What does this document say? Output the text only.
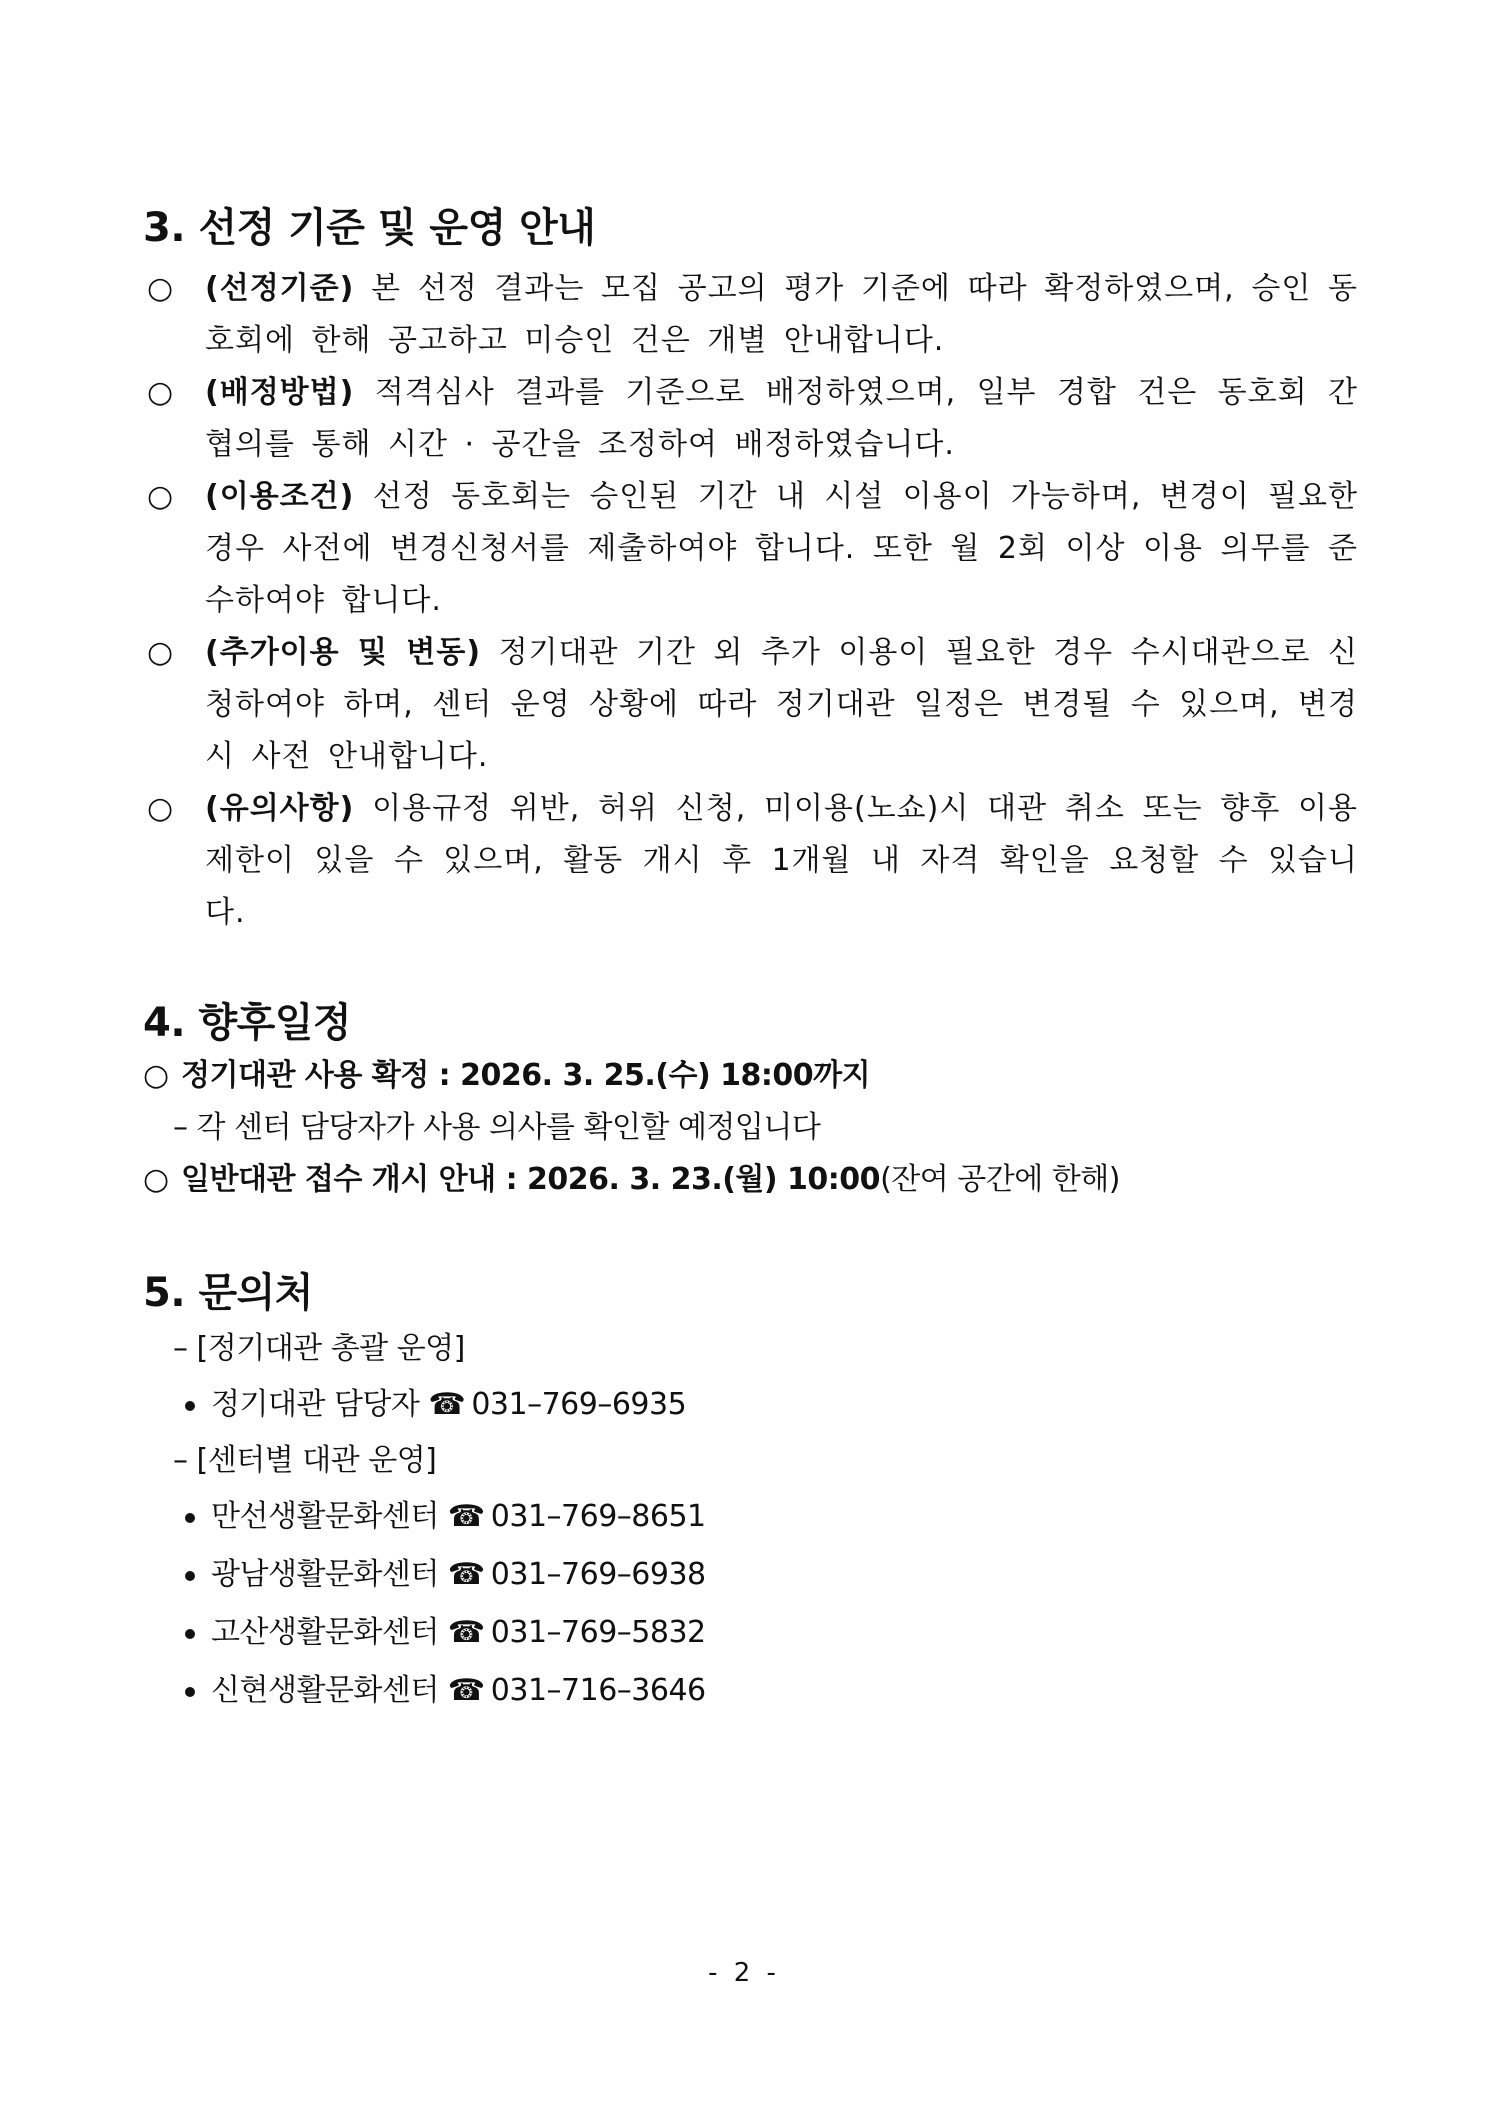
3. 선정 기준 및 운영 안내
○ (선정기준) 본 선정 결과는 모집 공고의 평가 기준에 따라 확정하였으며, 승인 동호회에 한해 공고하고 미승인 건은 개별 안내합니다.
○ (배정방법) 적격심사 결과를 기준으로 배정하였으며, 일부 경합 건은 동호회 간 협의를 통해 시간 · 공간을 조정하여 배정하였습니다.
○ (이용조건) 선정 동호회는 승인된 기간 내 시설 이용이 가능하며, 변경이 필요한 경우 사전에 변경신청서를 제출하여야 합니다. 또한 월 2회 이상 이용 의무를 준수하여야 합니다.
○ (추가이용 및 변동) 정기대관 기간 외 추가 이용이 필요한 경우 수시대관으로 신청하여야 하며, 센터 운영 상황에 따라 정기대관 일정은 변경될 수 있으며, 변경 시 사전 안내합니다.
○ (유의사항) 이용규정 위반, 허위 신청, 미이용(노쇼)시 대관 취소 또는 향후 이용 제한이 있을 수 있으며, 활동 개시 후 1개월 내 자격 확인을 요청할 수 있습니다.
4. 향후일정
○ 정기대관 사용 확정 : 2026. 3. 25.(수) 18:00까지
– 각 센터 담당자가 사용 의사를 확인할 예정입니다
○ 일반대관 접수 개시 안내 : 2026. 3. 23.(월) 10:00(잔여 공간에 한해)
5. 문의처
– [정기대관 총괄 운영]
정기대관 담당자 ☎ 031–769–6935
– [센터별 대관 운영]
만선생활문화센터 ☎ 031–769–8651
광남생활문화센터 ☎ 031–769–6938
고산생활문화센터 ☎ 031–769–5832
신현생활문화센터 ☎ 031–716–3646
- 2 -
